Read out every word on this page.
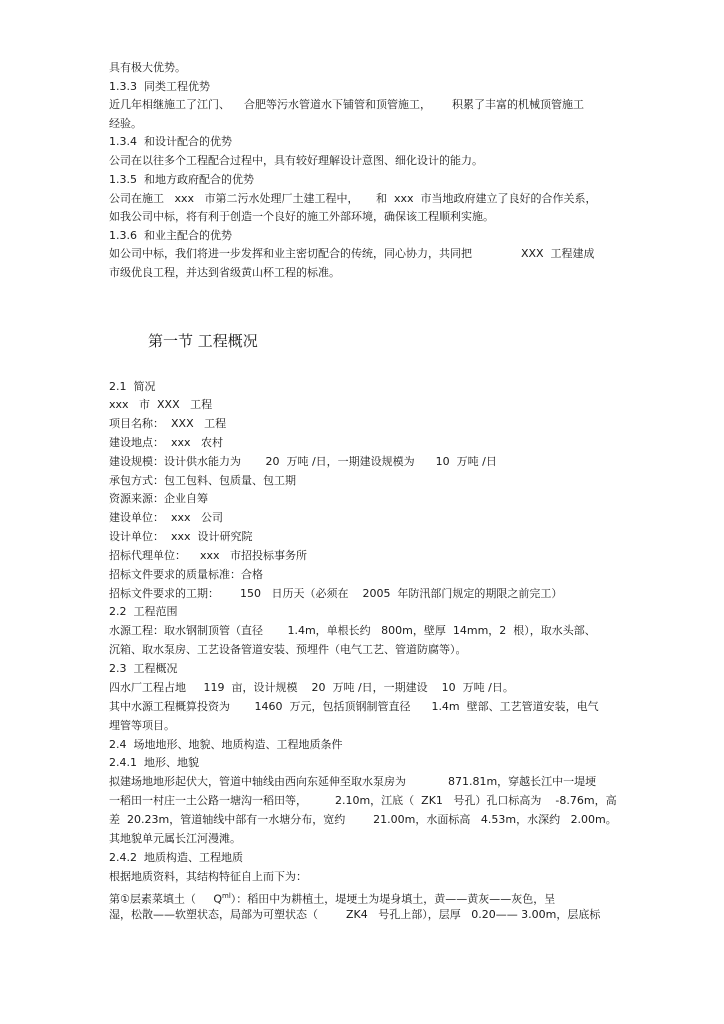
具有极大优势。

1.3.3  同类工程优势

近几年相继施工了江门、    合肥等污水管道水下铺管和顶管施工，      积累了丰富的机械顶管施工

经验。

1.3.4  和设计配合的优势

公司在以往多个工程配合过程中，具有较好理解设计意图、细化设计的能力。

1.3.5  和地方政府配合的优势

公司在施工   xxx   市第二污水处理厂土建工程中，     和  xxx  市当地政府建立了良好的合作关系，

如我公司中标，将有利于创造一个良好的施工外部环境，确保该工程顺利实施。

1.3.6  和业主配合的优势

如公司中标，我们将进一步发挥和业主密切配合的传统，同心协力，共同把              XXX  工程建成

市级优良工程，并达到省级黄山杯工程的标准。

第一节 工程概况

2.1  简况

xxx   市  XXX   工程

项目名称：  XXX   工程

建设地点：  xxx   农村

建设规模：设计供水能力为       20  万吨 /日，一期建设规模为      10  万吨 /日

承包方式：包工包料、包质量、包工期

资源来源：企业自筹

建设单位：  xxx   公司

设计单位：  xxx  设计研究院

招标代理单位：    xxx   市招投标事务所

招标文件要求的质量标准：合格

招标文件要求的工期：      150   日历天（必须在    2005  年防汛部门规定的期限之前完工）

2.2  工程范围

水源工程：取水钢制顶管（直径       1.4m，单根长约   800m，壁厚  14mm，2  根），取水头部、

沉箱、取水泵房、工艺设备管道安装、预埋件（电气工艺、管道防腐等）。

2.3  工程概况

四水厂工程占地     119  亩，设计规模    20  万吨 /日，一期建设    10  万吨 /日。

其中水源工程概算投资为       1460  万元，包括顶钢制管直径      1.4m  壁部、工艺管道安装，电气

埋管等项目。

2.4  场地地形、地貌、地质构造、工程地质条件

2.4.1  地形、地貌

拟建场地地形起伏大，管道中轴线由西向东延伸至取水泵房为            871.81m，穿越长江中一堤埂

一稻田一村庄一土公路一塘沟一稻田等，        2.10m，江底（  ZK1   号孔）孔口标高为    -8.76m，高

差  20.23m，管道轴线中部有一水塘分布，宽约        21.00m，水面标高   4.53m，水深约   2.00m。

其地貌单元属长江河漫滩。

2.4.2  地质构造、工程地质

根据地质资料，其结构特征自上而下为：

第①层素菜填土（     $Q^{ml}$）：稻田中为耕植土，堤埂土为堤身填土，黄——黄灰——灰色，呈

湿，松散——软塑状态，局部为可塑状态（        ZK4   号孔上部），层厚   0.20—— 3.00m，层底标
